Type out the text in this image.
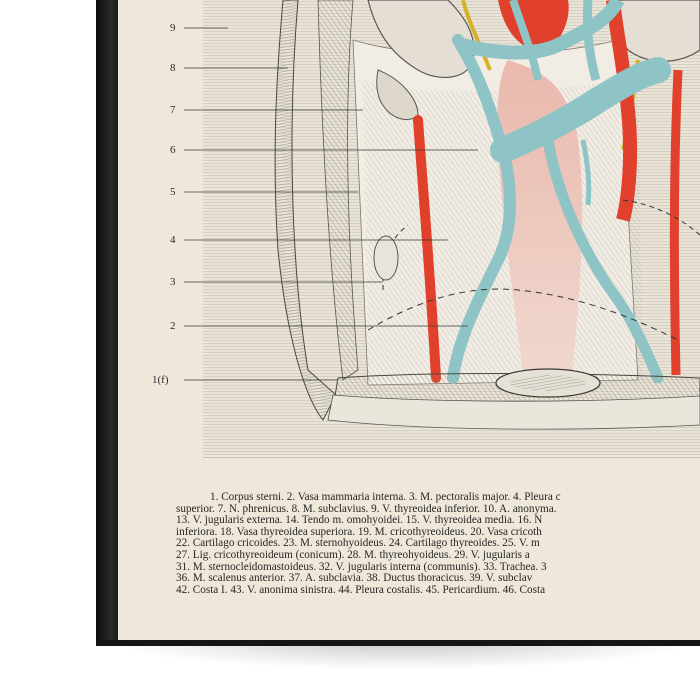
9
8
7
6
5
4
3
2
1(f)
1. Corpus sterni. 2. Vasa mammaria interna. 3. M. pectoralis major. 4. Pleura c
superior. 7. N. phrenicus. 8. M. subclavius. 9. V. thyreoidea inferior. 10. A. anonyma.
13. V. jugularis externa. 14. Tendo m. omohyoidei. 15. V. thyreoidea media. 16. N
inferiora. 18. Vasa thyreoidea superiora. 19. M. cricothyreoideus. 20. Vasa cricoth
22. Cartilago cricoides. 23. M. sternohyoideus. 24. Cartilago thyreoides. 25. V. m
27. Lig. cricothyreoideum (conicum). 28. M. thyreohyoideus. 29. V. jugularis a
31. M. sternocleidomastoideus. 32. V. jugularis interna (communis). 33. Trachea. 3
36. M. scalenus anterior. 37. A. subclavia. 38. Ductus thoracicus. 39. V. subclav
42. Costa I. 43. V. anonima sinistra. 44. Pleura costalis. 45. Pericardium. 46. Costa
